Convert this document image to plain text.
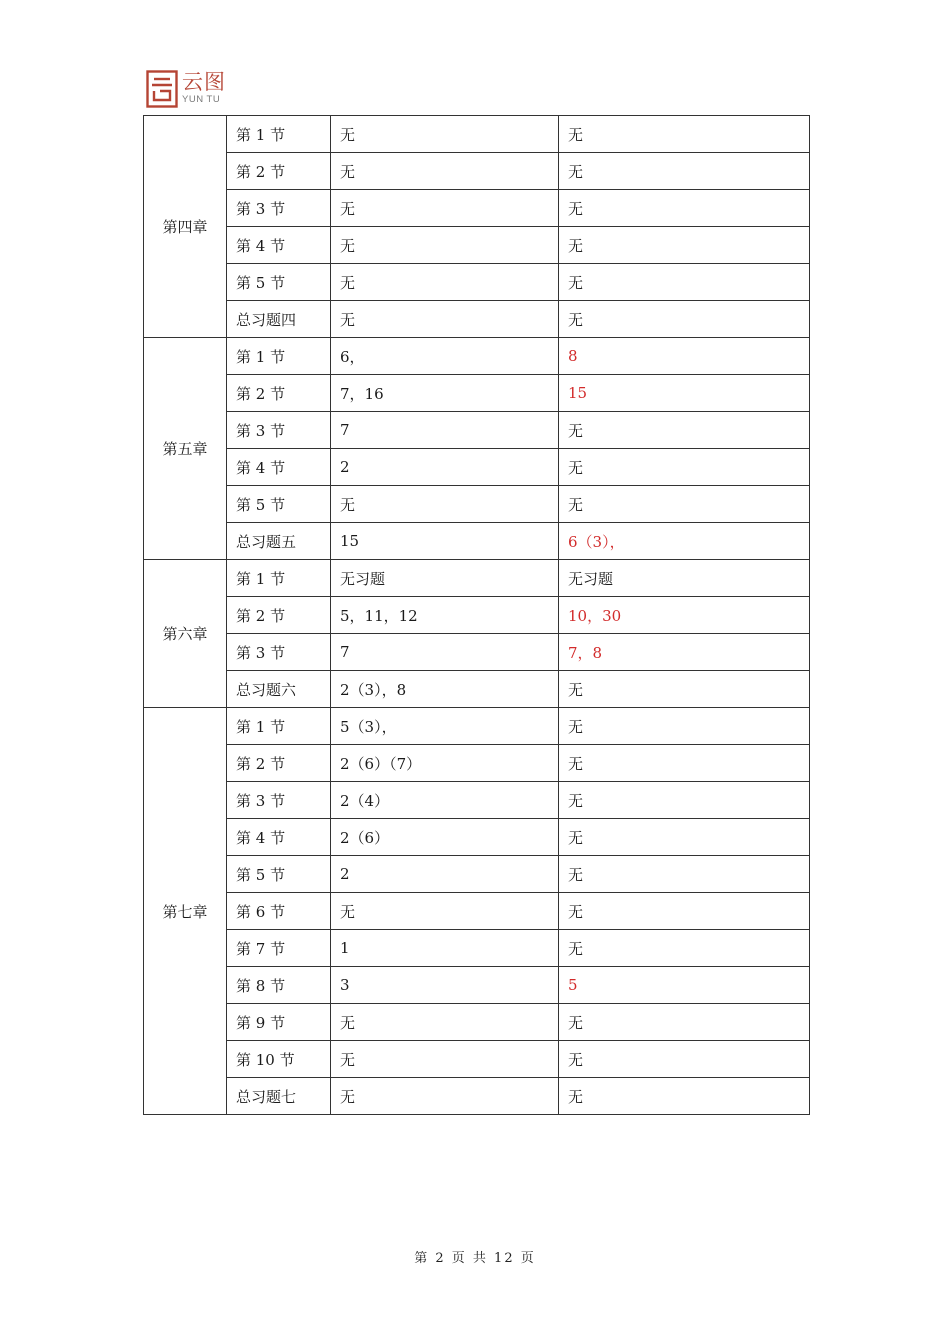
云图
YUN TU
第四章	第 1 节	无	无
	第 2 节	无	无
	第 3 节	无	无
	第 4 节	无	无
	第 5 节	无	无
	总习题四	无	无
第五章	第 1 节	6，	8
	第 2 节	7，16	15
	第 3 节	7	无
	第 4 节	2	无
	第 5 节	无	无
	总习题五	15	6（3），
第六章	第 1 节	无习题	无习题
	第 2 节	5，11，12	10，30
	第 3 节	7	7，8
	总习题六	2（3），8	无
第七章	第 1 节	5（3），	无
	第 2 节	2（6）（7）	无
	第 3 节	2（4）	无
	第 4 节	2（6）	无
	第 5 节	2	无
	第 6 节	无	无
	第 7 节	1	无
	第 8 节	3	5
	第 9 节	无	无
	第 10 节	无	无
	总习题七	无	无
第 2 页 共 12 页
